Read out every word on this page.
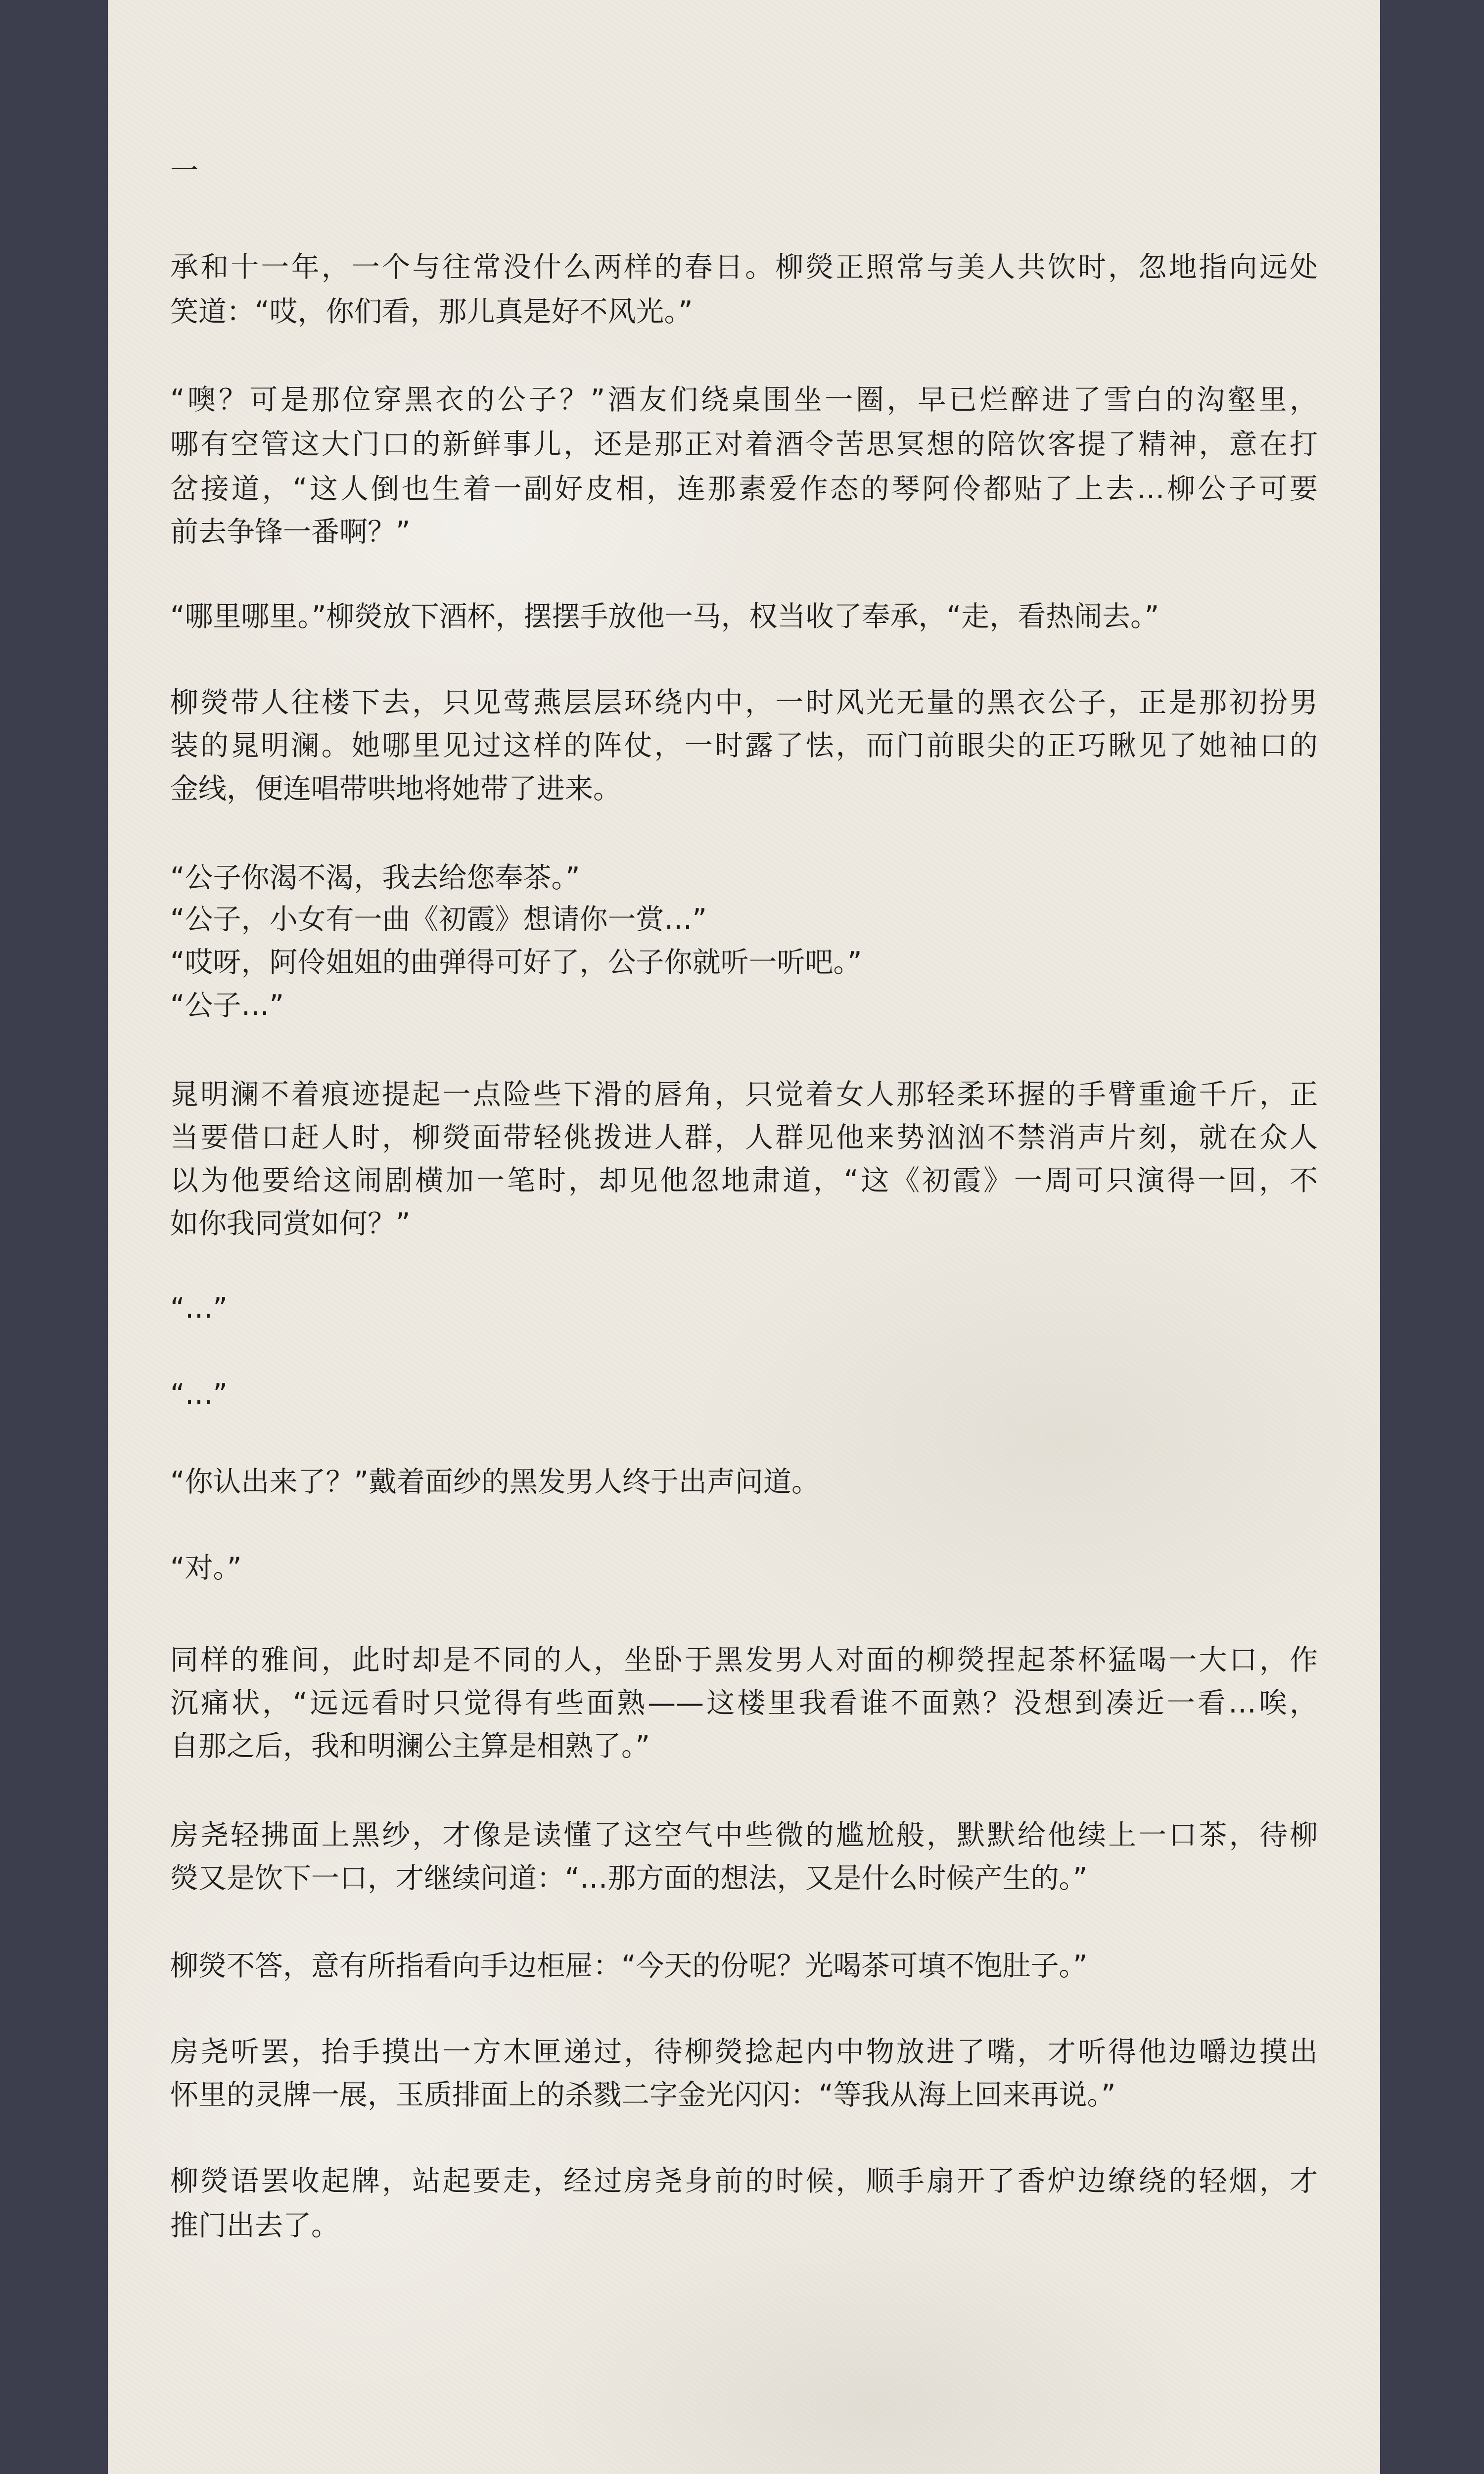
一
承和十一年，一个与往常没什么两样的春日。柳熒正照常与美人共饮时，忽地指向远处
笑道：“哎，你们看，那儿真是好不风光。”
“噢？可是那位穿黑衣的公子？”酒友们绕桌围坐一圈，早已烂醉进了雪白的沟壑里，
哪有空管这大门口的新鲜事儿，还是那正对着酒令苦思冥想的陪饮客提了精神，意在打
岔接道，“这人倒也生着一副好皮相，连那素爱作态的琴阿伶都贴了上去…柳公子可要
前去争锋一番啊？”
“哪里哪里。”柳熒放下酒杯，摆摆手放他一马，权当收了奉承，“走，看热闹去。”
柳熒带人往楼下去，只见莺燕层层环绕内中，一时风光无量的黑衣公子，正是那初扮男
装的晁明澜。她哪里见过这样的阵仗，一时露了怯，而门前眼尖的正巧瞅见了她袖口的
金线，便连唱带哄地将她带了进来。
“公子你渴不渴，我去给您奉茶。”
“公子，小女有一曲《初霞》想请你一赏…”
“哎呀，阿伶姐姐的曲弹得可好了，公子你就听一听吧。”
“公子…”
晁明澜不着痕迹提起一点险些下滑的唇角，只觉着女人那轻柔环握的手臂重逾千斤，正
当要借口赶人时，柳熒面带轻佻拨进人群，人群见他来势汹汹不禁消声片刻，就在众人
以为他要给这闹剧横加一笔时，却见他忽地肃道，“这《初霞》一周可只演得一回，不
如你我同赏如何？”
“…”
“…”
“你认出来了？”戴着面纱的黑发男人终于出声问道。
“对。”
同样的雅间，此时却是不同的人，坐卧于黑发男人对面的柳熒捏起茶杯猛喝一大口，作
沉痛状，“远远看时只觉得有些面熟——这楼里我看谁不面熟？没想到凑近一看…唉，
自那之后，我和明澜公主算是相熟了。”
房尧轻拂面上黑纱，才像是读懂了这空气中些微的尴尬般，默默给他续上一口茶，待柳
熒又是饮下一口，才继续问道：“…那方面的想法，又是什么时候产生的。”
柳熒不答，意有所指看向手边柜屉：“今天的份呢？光喝茶可填不饱肚子。”
房尧听罢，抬手摸出一方木匣递过，待柳熒捻起内中物放进了嘴，才听得他边嚼边摸出
怀里的灵牌一展，玉质排面上的杀戮二字金光闪闪：“等我从海上回来再说。”
柳熒语罢收起牌，站起要走，经过房尧身前的时候，顺手扇开了香炉边缭绕的轻烟，才
推门出去了。
